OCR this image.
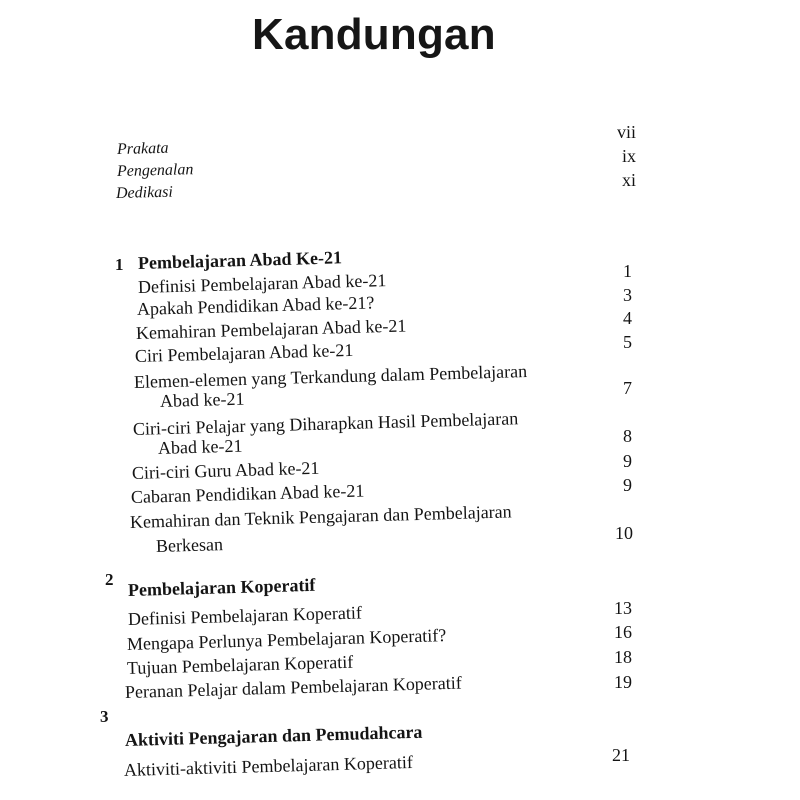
Kandungan
Prakata
Pengenalan
Dedikasi
vii
ix
xi
1 Pembelajaran Abad Ke-21
Definisi Pembelajaran Abad ke-21
Apakah Pendidikan Abad ke-21?
Kemahiran Pembelajaran Abad ke-21
Ciri Pembelajaran Abad ke-21
Elemen-elemen yang Terkandung dalam Pembelajaran
Abad ke-21
Ciri-ciri Pelajar yang Diharapkan Hasil Pembelajaran
Abad ke-21
Ciri-ciri Guru Abad ke-21
Cabaran Pendidikan Abad ke-21
Kemahiran dan Teknik Pengajaran dan Pembelajaran
Berkesan
1
3
4
5
7
8
9
9
10
2 Pembelajaran Koperatif
Definisi Pembelajaran Koperatif
Mengapa Perlunya Pembelajaran Koperatif?
Tujuan Pembelajaran Koperatif
Peranan Pelajar dalam Pembelajaran Koperatif
13
16
18
19
3
Aktiviti Pengajaran dan Pemudahcara
Aktiviti-aktiviti Pembelajaran Koperatif	21
